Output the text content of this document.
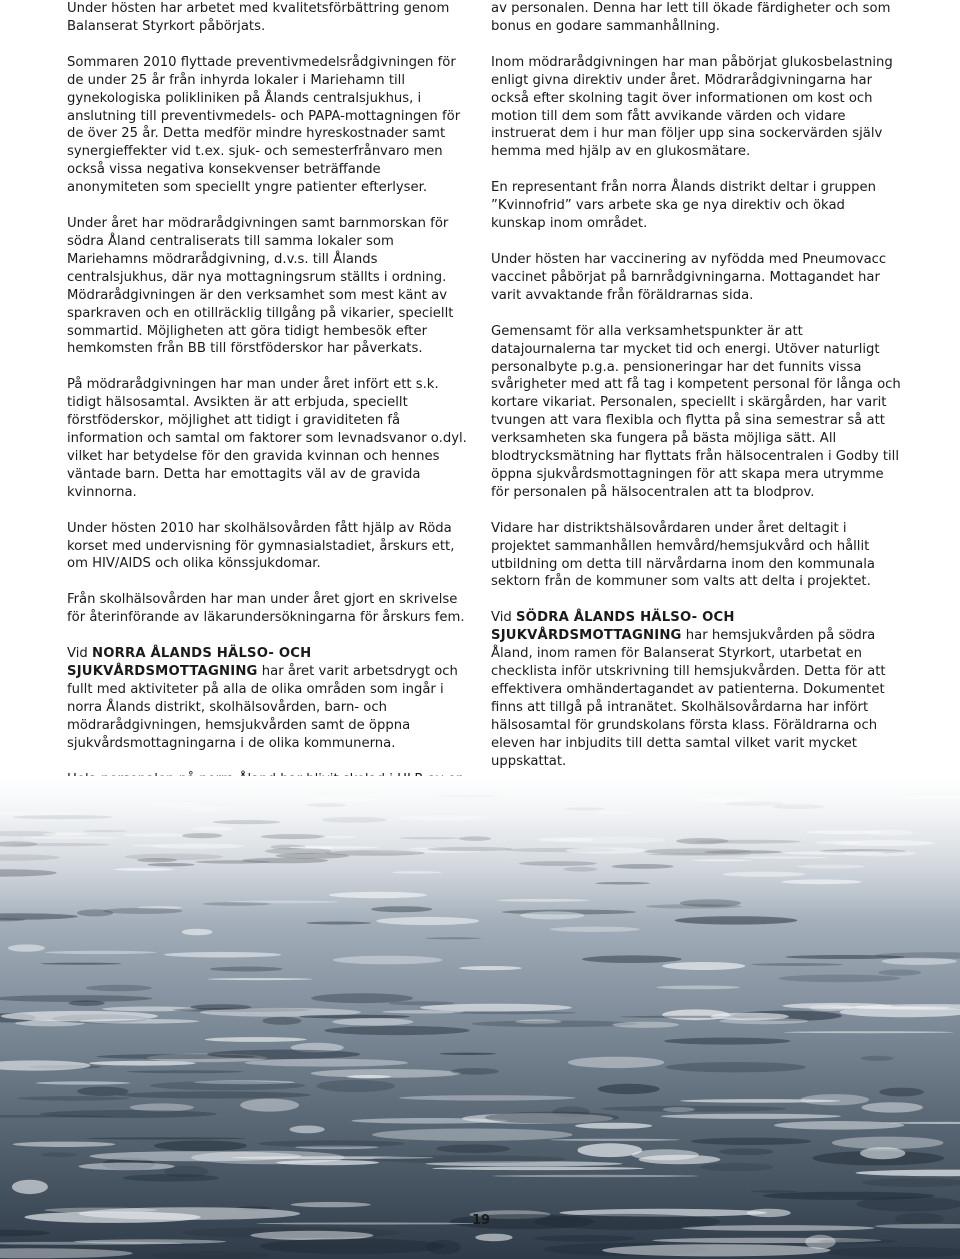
Under hösten har arbetet med kvalitetsförbättring genom Balanserat Styrkort påbörjats.

Sommaren 2010 flyttade preventivmedelsrådgivningen för de under 25 år från inhyrda lokaler i Mariehamn till gynekologiska polikliniken på Ålands centralsjukhus, i anslutning till preventivmedels- och PAPA-mottagningen för de över 25 år. Detta medför mindre hyreskostnader samt synergieffekter vid t.ex. sjuk- och semesterfrånvaro men också vissa negativa konsekvenser beträffande anonymiteten som speciellt yngre patienter efterlyser.

Under året har mödrarådgivningen samt barnmorskan för södra Åland centraliserats till samma lokaler som Mariehamns mödrarådgivning, d.v.s. till Ålands centralsjukhus, där nya mottagningsrum ställts i ordning. Mödrarådgivningen är den verksamhet som mest känt av sparkraven och en otillräcklig tillgång på vikarier, speciellt sommartid. Möjligheten att göra tidigt hembesök efter hemkomsten från BB till förstföderskor har påverkats.

På mödrarådgivningen har man under året infört ett s.k. tidigt hälsosamtal. Avsikten är att erbjuda, speciellt förstföderskor, möjlighet att tidigt i graviditeten få information och samtal om faktorer som levnadsvanor o.dyl. vilket har betydelse för den gravida kvinnan och hennes väntade barn. Detta har emottagits väl av de gravida kvinnorna.

Under hösten 2010 har skolhälsovården fått hjälp av Röda korset med undervisning för gymnasialstadiet, årskurs ett, om HIV/AIDS och olika könssjukdomar.

Från skolhälsovården har man under året gjort en skrivelse för återinförande av läkarundersökningarna för årskurs fem.

Vid NORRA ÅLANDS HÄLSO- OCH SJUKVÅRDSMOTTAGNING har året varit arbetsdrygt och fullt med aktiviteter på alla de olika områden som ingår i norra Ålands distrikt, skolhälsovården, barn- och mödrarådgivningen, hemsjukvården samt de öppna sjukvårdsmottagningarna i de olika kommunerna.

av personalen. Denna har lett till ökade färdigheter och som bonus en godare sammanhållning.

Inom mödrarådgivningen har man påbörjat glukosbelastning enligt givna direktiv under året. Mödrarådgivningarna har också efter skolning tagit över informationen om kost och motion till dem som fått avvikande värden och vidare instruerat dem i hur man följer upp sina sockervärden själv hemma med hjälp av en glukosmätare.

En representant från norra Ålands distrikt deltar i gruppen ”Kvinnofrid” vars arbete ska ge nya direktiv och ökad kunskap inom området.

Under hösten har vaccinering av nyfödda med Pneumovacc vaccinet påbörjat på barnrådgivningarna. Mottagandet har varit avvaktande från föräldrarnas sida.

Gemensamt för alla verksamhetspunkter är att datajournalerna tar mycket tid och energi. Utöver naturligt personalbyte p.g.a. pensioneringar har det funnits vissa svårigheter med att få tag i kompetent personal för långa och kortare vikariat. Personalen, speciellt i skärgården, har varit tvungen att vara flexibla och flytta på sina semestrar så att verksamheten ska fungera på bästa möjliga sätt. All blodtrycksmätning har flyttats från hälsocentralen i Godby till öppna sjukvårdsmottagningen för att skapa mera utrymme för personalen på hälsocentralen att ta blodprov.

Vidare har distriktshälsovårdaren under året deltagit i projektet sammanhållen hemvård/hemsjukvård och hållit utbildning om detta till närvårdarna inom den kommunala sektorn från de kommuner som valts att delta i projektet.

Vid SÖDRA ÅLANDS HÄLSO- OCH SJUKVÅRDSMOTTAGNING har hemsjukvården på södra Åland, inom ramen för Balanserat Styrkort, utarbetat en checklista inför utskrivning till hemsjukvården. Detta för att effektivera omhändertagandet av patienterna. Dokumentet finns att tillgå på intranätet. Skolhälsovårdarna har infört hälsosamtal för grundskolans första klass. Föräldrarna och eleven har inbjudits till detta samtal vilket varit mycket uppskattat.

19
